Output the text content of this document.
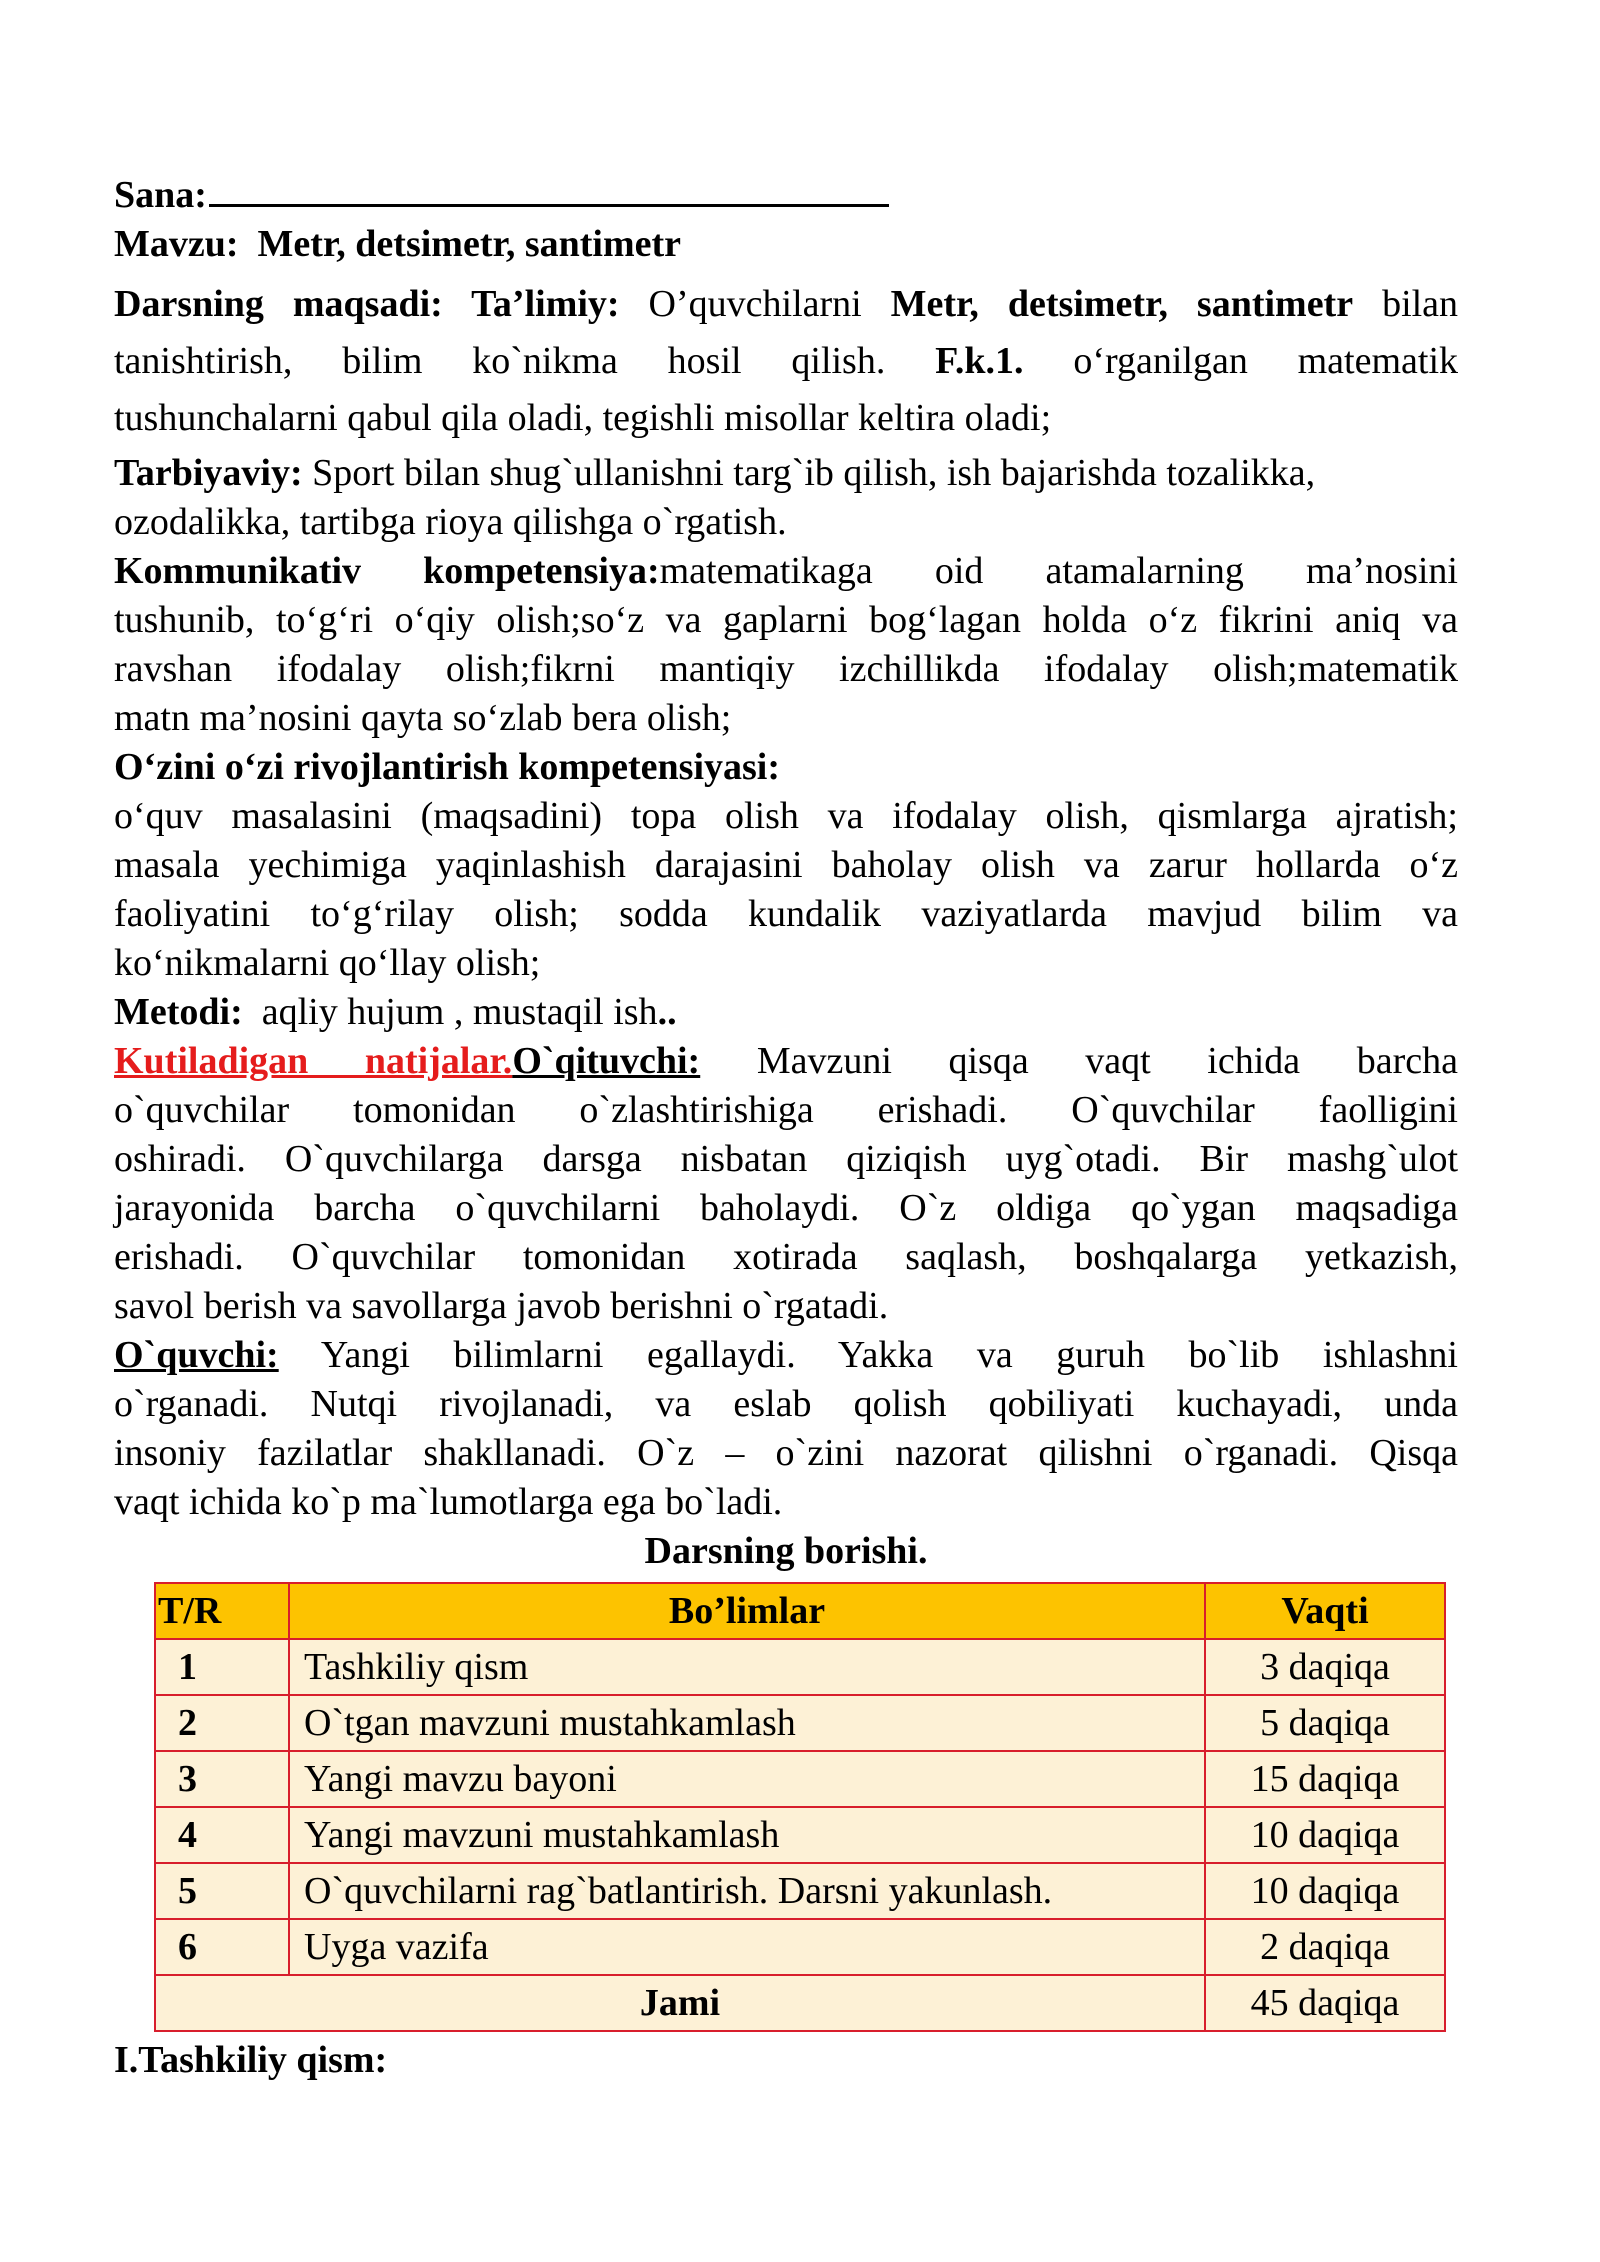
Sana:
Mavzu: Metr, detsimetr, santimetr
Darsning maqsadi: Ta’limiy: O’quvchilarni Metr, detsimetr, santimetr bilan
tanishtirish, bilim ko`nikma hosil qilish. F.k.1. o‘rganilgan matematik
tushunchalarni qabul qila oladi, tegishli misollar keltira oladi;
Tarbiyaviy: Sport bilan shug`ullanishni targ`ib qilish, ish bajarishda tozalikka,
ozodalikka, tartibga rioya qilishga o`rgatish.
Kommunikativ kompetensiya:matematikaga oid atamalarning ma’nosini
tushunib, to‘g‘ri o‘qiy olish;so‘z va gaplarni bog‘lagan holda o‘z fikrini aniq va
ravshan ifodalay olish;fikrni mantiqiy izchillikda ifodalay olish;matematik
matn ma’nosini qayta so‘zlab bera olish;
O‘zini o‘zi rivojlantirish kompetensiyasi:
o‘quv masalasini (maqsadini) topa olish va ifodalay olish, qismlarga ajratish;
masala yechimiga yaqinlashish darajasini baholay olish va zarur hollarda o‘z
faoliyatini to‘g‘rilay olish; sodda kundalik vaziyatlarda mavjud bilim va
ko‘nikmalarni qo‘llay olish;
Metodi: aqliy hujum , mustaqil ish..
Kutiladigan natijalar.O`qituvchi: Mavzuni qisqa vaqt ichida barcha
o`quvchilar tomonidan o`zlashtirishiga erishadi. O`quvchilar faolligini
oshiradi. O`quvchilarga darsga nisbatan qiziqish uyg`otadi. Bir mashg`ulot
jarayonida barcha o`quvchilarni baholaydi. O`z oldiga qo`ygan maqsadiga
erishadi. O`quvchilar tomonidan xotirada saqlash, boshqalarga yetkazish,
savol berish va savollarga javob berishni o`rgatadi.
O`quvchi: Yangi bilimlarni egallaydi. Yakka va guruh bo`lib ishlashni
o`rganadi. Nutqi rivojlanadi, va eslab qolish qobiliyati kuchayadi, unda
insoniy fazilatlar shakllanadi. O`z – o`zini nazorat qilishni o`rganadi. Qisqa
vaqt ichida ko`p ma`lumotlarga ega bo`ladi.
Darsning borishi.
T/R	Bo’limlar	Vaqti
1	Tashkiliy qism	3 daqiqa
2	O`tgan mavzuni mustahkamlash	5 daqiqa
3	Yangi mavzu bayoni	15 daqiqa
4	Yangi mavzuni mustahkamlash	10 daqiqa
5	O`quvchilarni rag`batlantirish. Darsni yakunlash.	10 daqiqa
6	Uyga vazifa	2 daqiqa
Jami		45 daqiqa
I.Tashkiliy qism:
